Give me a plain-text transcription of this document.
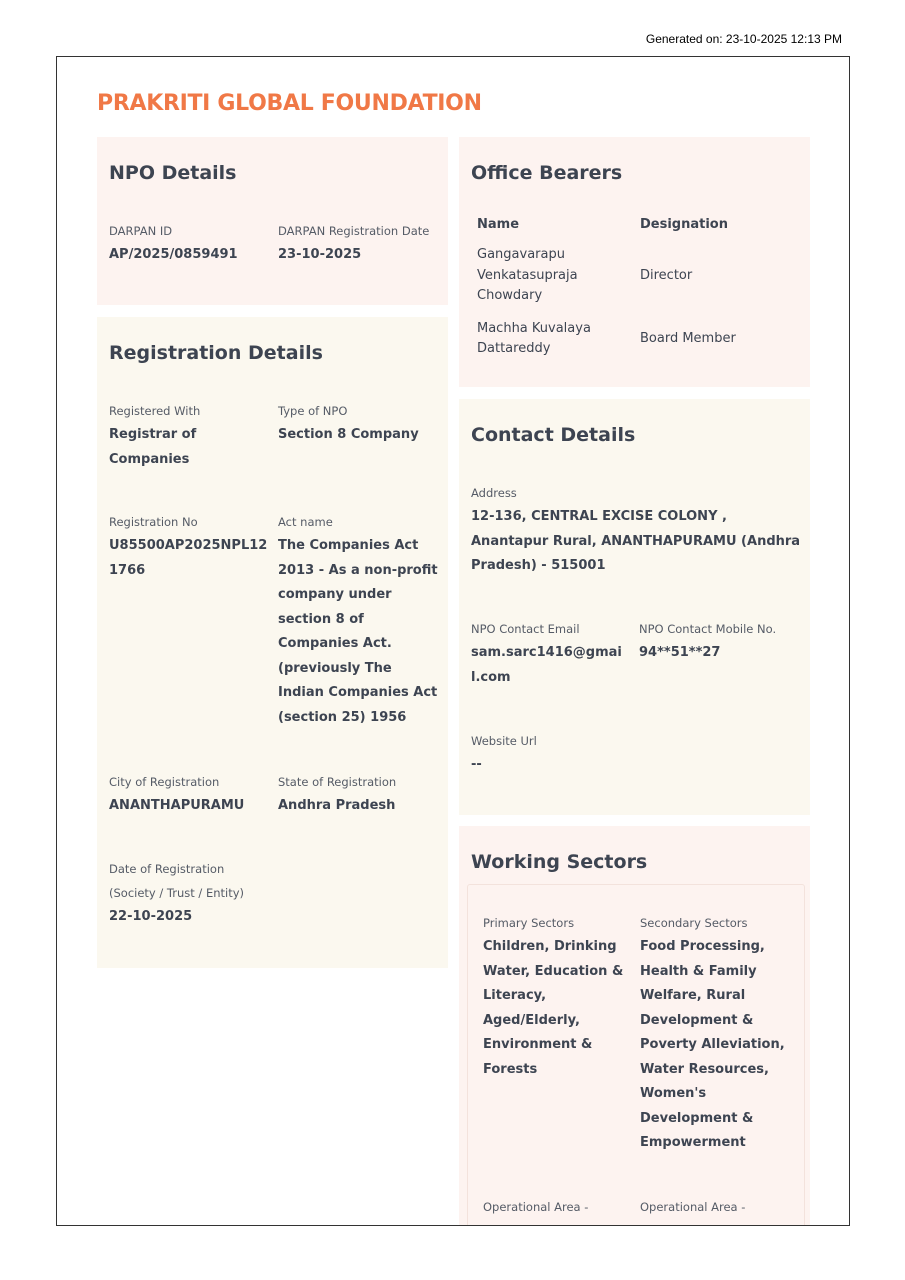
Generated on: 23-10-2025 12:13 PM
PRAKRITI GLOBAL FOUNDATION
NPO Details
DARPAN ID
AP/2025/0859491
DARPAN Registration Date
23-10-2025
Registration Details
Registered With
Registrar of Companies
Type of NPO
Section 8 Company
Registration No
U85500AP2025NPL121766
Act name
The Companies Act 2013 - As a non-profit company under section 8 of Companies Act. (previously The Indian Companies Act (section 25) 1956
City of Registration
ANANTHAPURAMU
State of Registration
Andhra Pradesh
Date of Registration (Society / Trust / Entity)
22-10-2025
Office Bearers
Name	Designation
Gangavarapu Venkatasupraja Chowdary	Director
Machha Kuvalaya Dattareddy	Board Member
Contact Details
Address
12-136, CENTRAL EXCISE COLONY , Anantapur Rural, ANANTHAPURAMU (Andhra Pradesh) - 515001
NPO Contact Email
sam.sarc1416@gmail.com
NPO Contact Mobile No.
94**51**27
Website Url
--
Working Sectors
Primary Sectors
Children, Drinking Water, Education & Literacy, Aged/Elderly, Environment & Forests
Secondary Sectors
Food Processing, Health & Family Welfare, Rural Development & Poverty Alleviation, Water Resources, Women's Development & Empowerment
Operational Area -	Operational Area -
